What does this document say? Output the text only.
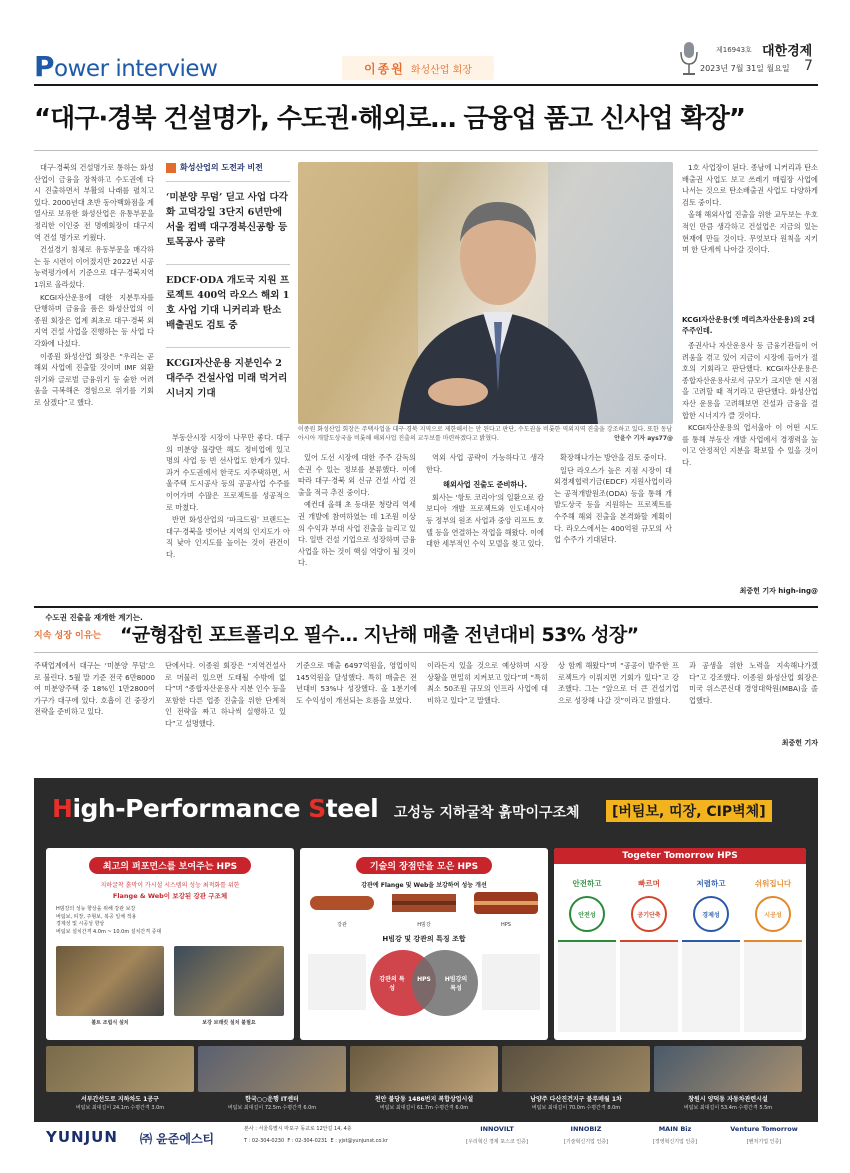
Power interview	이종원 화성산업 회장
제16943호 대한경제
2023년 7월 31일 월요일 7
“대구·경북 건설명가, 수도권·해외로… 금융업 품고 신사업 확장”

대구·경북의 건설명가로 통하는 화성산업이 금융을 장착하고 수도권에 다시 진출하면서 부활의 나래를 펼치고 있다. 2000년대 초반 동아백화점을 계열사로 보유한 화성산업은 유통부문을 정리한 이인중 전 명예회장이 대구지역 건설 명가로 키웠다.

건설경기 침체로 유동부문을 매각하는 등 시련이 이어졌지만 2022년 시공능력평가에서 기준으로 대구·경북지역 1위로 올라섰다.

KCGI자산운용에 대한 지분투자를 단행하며 금융을 품은 화성산업의 이종원 회장은 업계 최초로 대구·경북 외 지역 건설 사업을 진행하는 등 사업 다각화에 나섰다.

이종원 화성산업 회장은 “우리는 곧 해외 사업에 진출할 것이며 IMF 외환위기와 글로벌 금융위기 등 숱한 어려움을 극복해온 경험으로 위기를 기회로 삼겠다”고 했다.

수도권 진출을 재개한 계기는.
화성산업의 도전과 비전
‘미분양 무덤’ 딛고 사업 다각화 고덕강일 3단지 6년만에 서울 컴백 대구경북신공항 등 토목공사 공략
EDCF·ODA 개도국 지원 프로젝트 400억 라오스 해외 1호 사업 기대 니커리과 탄소배출권도 검토 중
KCGI자산운용 지분인수 2대주주 건설사업 미래 먹거리 시너지 기대

부동산시장 시장이 나무만 좋다. 대구의 미분양 물량만 해도 정비업에 있고 명의 사업 등 빈 선사업도 한계가 있다. 과거 수도권에서 한국도 지주택하면, 서울주택 도시공사 등의 공공사업 수주를 이어가며 수많은 프로젝트를 성공적으로 마쳤다.

반면 화성산업의 ‘파크드림’ 브랜드는 대구·경북을 벗어난 지역의 인지도가 아직 낮아 인지도를 높이는 것이 관건이다.

이종원 화성산업 회장은 주택사업을 대구·경북 지역으로 제한해서는 안 된다고 판단, 수도권을 비롯한 역외지역 진출을 강조하고 있다. 또한 동남아시아 개발도상국을 비롯해 해외사업 진출의 교두보를 마련하겠다고 밝혔다.	안윤수 기자 ays77@

있어 도선 시장에 대한 주주 감독의 손권 수 있는 정보를 분류했다. 이에 따라 대구·경북 외 신규 건설 사업 진출을 적극 추진 중이다.

예컨대 올해 초 동대문 청량리 역세권 개발에 참여하였는 데 1조원 이상의 수익과 부대 사업 진출을 늘리고 있다. 일반 건설 기업으로 성장하며 금융 사업을 하는 것이 핵심 역량이 될 것이다.

역외 사업 공략이 가능하다고 생각한다.

해외사업 진출도 준비하나.

회사는 ‘항토 코리아’의 일환으로 캄보디아 개발 프로젝트와 인도네시아 등 정부의 원조 사업과 중앙 리프트 호텔 등을 연결하는 작업을 해왔다. 이에 대한 세부적인 수익 모델을 찾고 있다.

확장해나가는 방안을 검토 중이다.

일단 라오스가 높은 지점 시장이 대외경제협력기금(EDCF) 지원사업이라는 공적개발원조(ODA) 등을 통해 개발도상국 등을 지원하는 프로젝트를 수주해 해외 진출을 본격화할 계획이다. 라오스에서는 400억원 규모의 사업 수주가 기대된다.

1호 사업장이 된다. 종남에 니커리과 탄소배출권 사업도 보고 쓰레기 매립장 사업에 나서는 것으로 탄소배출권 사업도 다양하게 검토 중이다.

올해 해외사업 진출을 위한 교두보는 우호적인 만큼 생각하고 건설업은 지금의 있는 현재에 만들 것이다. 무엇보다 원칙을 지키며 한 단계씩 나아갈 것이다.

KCGI자산운용(옛 메리츠자산운용)의 2대 주주인데.

종권사나 자산운용사 등 금융기관들이 어려움을 겪고 있어 지금이 시장에 들어가 절호의 기회라고 판단했다. KCGI자산운용은 종합자산운용사로서 규모가 크지만 현 시점을 고려할 때 적기라고 판단했다. 화성산업 자산 운용을 고려해보면 건설과 금융을 결합한 시너지가 클 것이다.

KCGI자산운용의 업서울아 이 어떤 시도를 통해 부동산 개발 사업에서 경쟁력을 높이고 안정적인 지분을 확보할 수 있을 것이다.

최중헌 기자 high-ing@
지속 성장 이유는 “균형잡힌 포트폴리오 필수… 지난해 매출 전년대비 53% 성장”
주택업계에서 대구는 ‘미분양 무덤’으로 불린다. 5월 말 기준 전국 6만8000여 미분양주택 중 18%인 1만2800여 가구가 대구에 있다. 호흡이 긴 중장기 전략을 준비하고 있다.
단에서다. 이종원 회장은 “지역건설사로 머물러 있으면 도태될 수밖에 없다”며 “종합자산운용사 지분 인수 등을 포함한 다른 업종 진출을 위한 단계적인 전략을 짜고 하나씩 실행하고 있다”고 설명했다.
기준으로 매출 6497억원을, 영업이익 145억원을 달성했다. 특히 매출은 전년대비 53%나 성장했다. 올 1분기에도 수익성이 개선되는 흐름을 보였다.
이라든지 있을 것으로 예상하며 시장 상황을 면밀히 지켜보고 있다”며 “특히 최소 50조원 규모의 인프라 사업에 대비하고 있다”고 말했다.
상 함께 해왔다”며 “공공이 발주한 프로젝트가 이뤄지면 기회가 있다”고 강조했다. 그는 “앞으로 더 큰 건설기업으로 성장해 나갈 것”이라고 밝혔다.
과 공생을 위한 노력을 지속해나가겠다”고 강조했다. 이종원 화성산업 회장은 미국 위스콘신대 경영대학원(MBA)을 졸업했다.
최중헌 기자
High-Performance Steel 고성능 지하굴착 흙막이구조체	[버팀보, 띠장, CIP벽체]
최고의 퍼포먼스를 보여주는 HPS
지하굴착 흙막이 가시설 시스템의 성능 최적화를 위한
Flange & Web이 보강된 강관 구조체
H빔강의 성능 향상을 위해 강관 보강
버팀보, 띠장, 주형보, 복공 일체 적용
경제성 및 시공성 향상
버팀보 설치간격 4.0m ~ 10.0m 설치간격 증대
볼트 조립식 설치	보강 브래킷 설치 불필요
기술의 장점만을 모은 HPS
강관에 Flange 및 Web을 보강하여 성능 개선
강관	H빔강	HPS
H빔강 및 강관의 특징 조합
강관의 특성
H빔강의 특성
HPS
Togeter Tomorrow HPS
안전하고
안전성
빠르며
공기단축
저렴하고
경제성
쉬워집니다
시공성
서부간선도로 지하차도 1공구
버팀보 최대길이 24.1m 수평간격 3.0m
한국○○운행 IT센터
버팀보 최대길이 72.5m 수평간격 6.0m
천안 불당동 1486번지 복합상업시설
버팀보 최대길이 61.7m 수평간격 6.0m
남양주 다산진건지구 블루매월 1차
버팀보 최대길이 70.0m 수평간격 8.0m
창원시 양덕동 자동차관련시설
버팀보 최대길이 53.4m 수평간격 5.5m
YUNJUN ㈜ 윤준에스티
본사 : 서울특별시 마포구 동교로 12안길 14, 4층
T : 02-304-0230 F : 02-304-0231 E : yjst@yunjunst.co.kr
INNOVILT
[우리혁신 경제 포스코 인증]
INNOBIZ
[기술혁신기업 인증]
MAIN Biz
[경영혁신기업 인증]
Venture Tomorrow
[벤처기업 인증]
